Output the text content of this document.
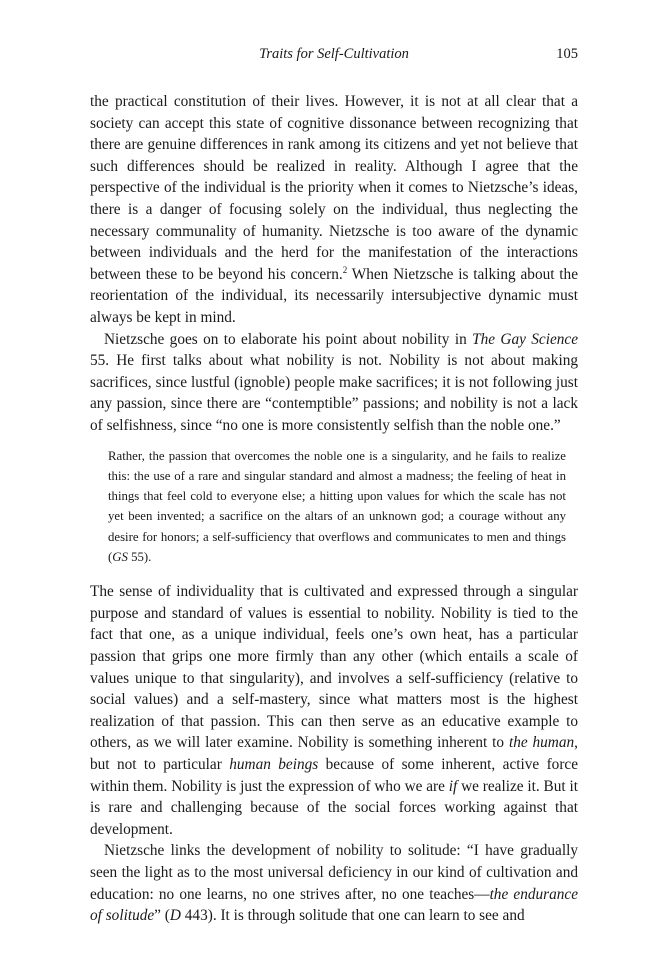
Traits for Self-Cultivation	105

the practical constitution of their lives. However, it is not at all clear that a society can accept this state of cognitive dissonance between recognizing that there are genuine differences in rank among its citizens and yet not believe that such differences should be realized in reality. Although I agree that the perspective of the individual is the priority when it comes to Nietzsche’s ideas, there is a danger of focusing solely on the individual, thus neglecting the necessary communality of humanity. Nietzsche is too aware of the dynamic between individuals and the herd for the manifestation of the interactions between these to be beyond his concern.$^2$ When Nietzsche is talking about the reorientation of the individual, its necessarily intersubjective dynamic must always be kept in mind.

Nietzsche goes on to elaborate his point about nobility in The Gay Science 55. He first talks about what nobility is not. Nobility is not about making sacrifices, since lustful (ignoble) people make sacrifices; it is not following just any passion, since there are “contemptible” passions; and nobility is not a lack of selfishness, since “no one is more consistently selfish than the noble one.”

Rather, the passion that overcomes the noble one is a singularity, and he fails to realize this: the use of a rare and singular standard and almost a madness; the feeling of heat in things that feel cold to everyone else; a hitting upon values for which the scale has not yet been invented; a sacrifice on the altars of an unknown god; a courage without any desire for honors; a self-sufficiency that overflows and communicates to men and things (GS 55).

The sense of individuality that is cultivated and expressed through a singular purpose and standard of values is essential to nobility. Nobility is tied to the fact that one, as a unique individual, feels one’s own heat, has a particular passion that grips one more firmly than any other (which entails a scale of values unique to that singularity), and involves a self-sufficiency (relative to social values) and a self-mastery, since what matters most is the highest realization of that passion. This can then serve as an educative example to others, as we will later examine. Nobility is something inherent to the human, but not to particular human beings because of some inherent, active force within them. Nobility is just the expression of who we are if we realize it. But it is rare and challenging because of the social forces working against that development.

Nietzsche links the development of nobility to solitude: “I have gradually seen the light as to the most universal deficiency in our kind of cultivation and education: no one learns, no one strives after, no one teaches—the endurance of solitude” (D 443). It is through solitude that one can learn to see and
